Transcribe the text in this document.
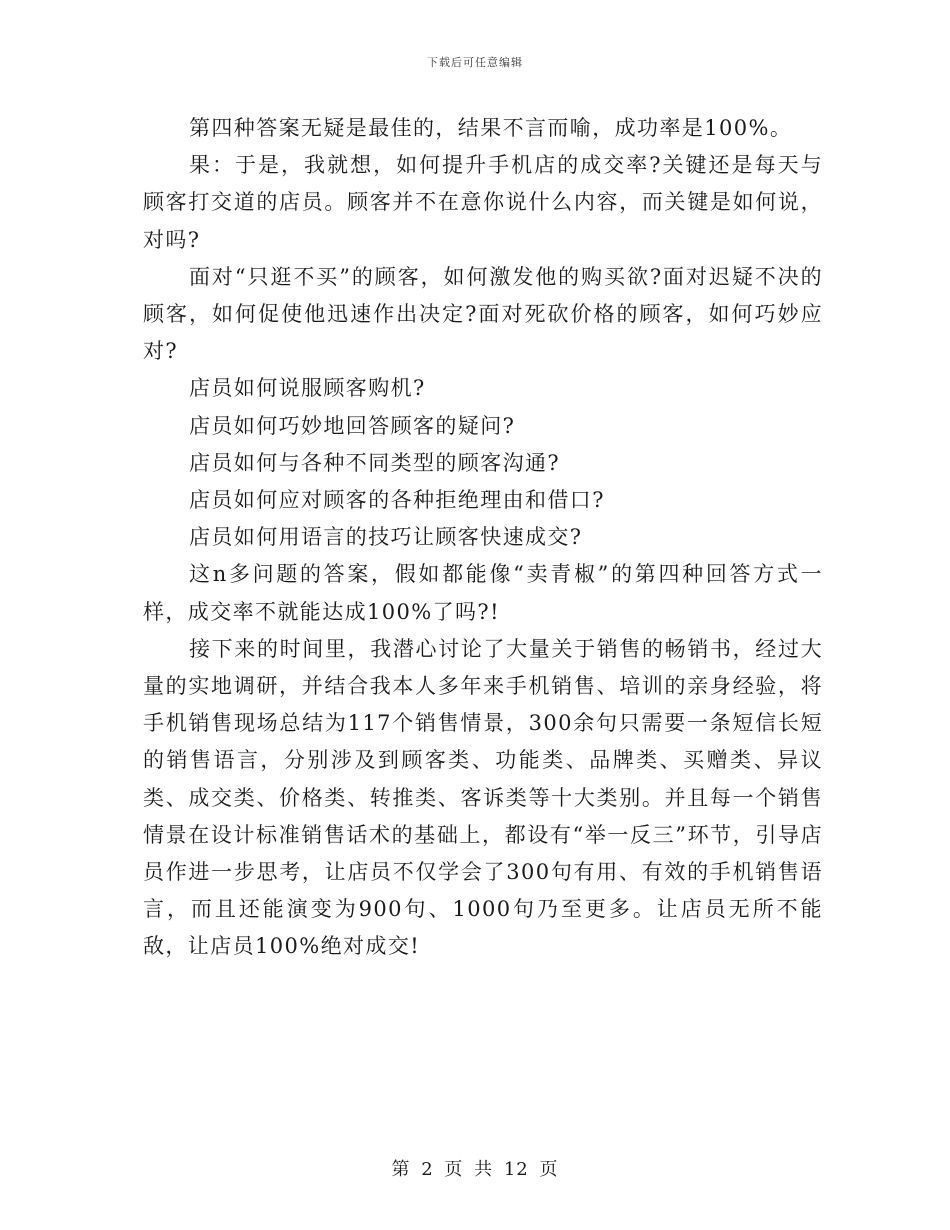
下载后可任意编辑

第四种答案无疑是最佳的，结果不言而喻，成功率是100%。

果：于是，我就想，如何提升手机店的成交率?关键还是每天与顾客打交道的店员。顾客并不在意你说什么内容，而关键是如何说，对吗?

面对“只逛不买”的顾客，如何激发他的购买欲?面对迟疑不决的顾客，如何促使他迅速作出决定?面对死砍价格的顾客，如何巧妙应对?

店员如何说服顾客购机?

店员如何巧妙地回答顾客的疑问?

店员如何与各种不同类型的顾客沟通?

店员如何应对顾客的各种拒绝理由和借口?

店员如何用语言的技巧让顾客快速成交?

这n多问题的答案，假如都能像“卖青椒”的第四种回答方式一样，成交率不就能达成100%了吗?!

接下来的时间里，我潜心讨论了大量关于销售的畅销书，经过大量的实地调研，并结合我本人多年来手机销售、培训的亲身经验，将手机销售现场总结为117个销售情景，300余句只需要一条短信长短的销售语言，分别涉及到顾客类、功能类、品牌类、买赠类、异议类、成交类、价格类、转推类、客诉类等十大类别。并且每一个销售情景在设计标准销售话术的基础上，都设有“举一反三”环节，引导店员作进一步思考，让店员不仅学会了300句有用、有效的手机销售语言，而且还能演变为900句、1000句乃至更多。让店员无所不能敌，让店员100%绝对成交!

第 2 页 共 12 页
